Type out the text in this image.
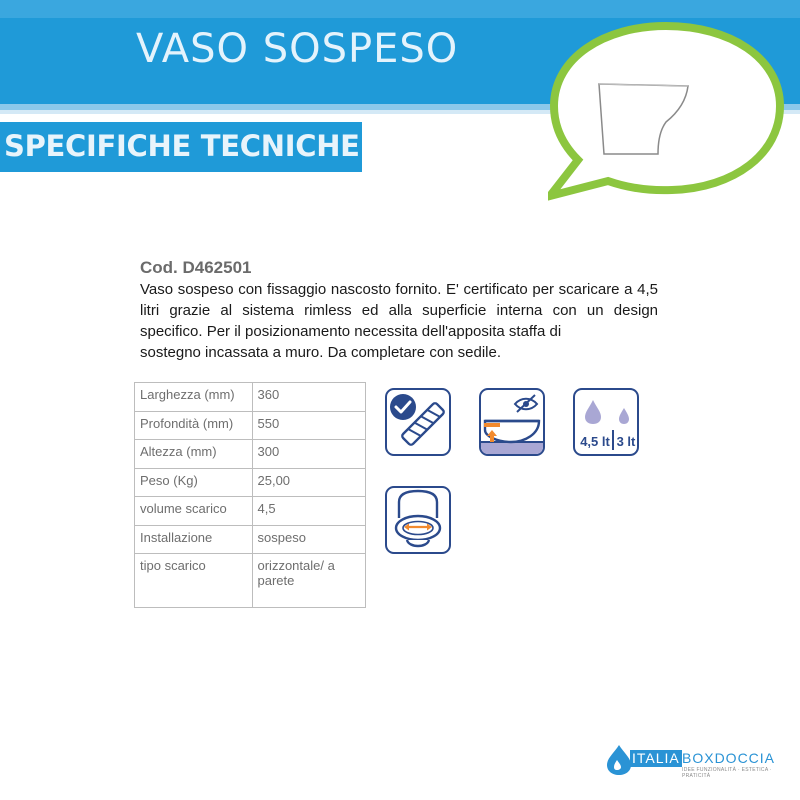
VASO SOSPESO
SPECIFICHE TECNICHE
Cod. D462501
Vaso sospeso con fissaggio nascosto fornito. E' certificato per scaricare a 4,5 litri grazie al sistema rimless ed alla superficie interna con un design specifico. Per il posizionamento necessita dell'apposita staffa di
sostegno incassata a muro. Da completare con sedile.
Larghezza (mm)	360
Profondità (mm)	550
Altezza (mm)	300
Peso (Kg)	25,00
volume scarico	4,5
Installazione	sospeso
tipo scarico	orizzontale/ a parete
4,5 lt 3 lt
ITALIA BOXDOCCIA
IDEE FUNZIONALITÀ · ESTETICA · PRATICITÀ
